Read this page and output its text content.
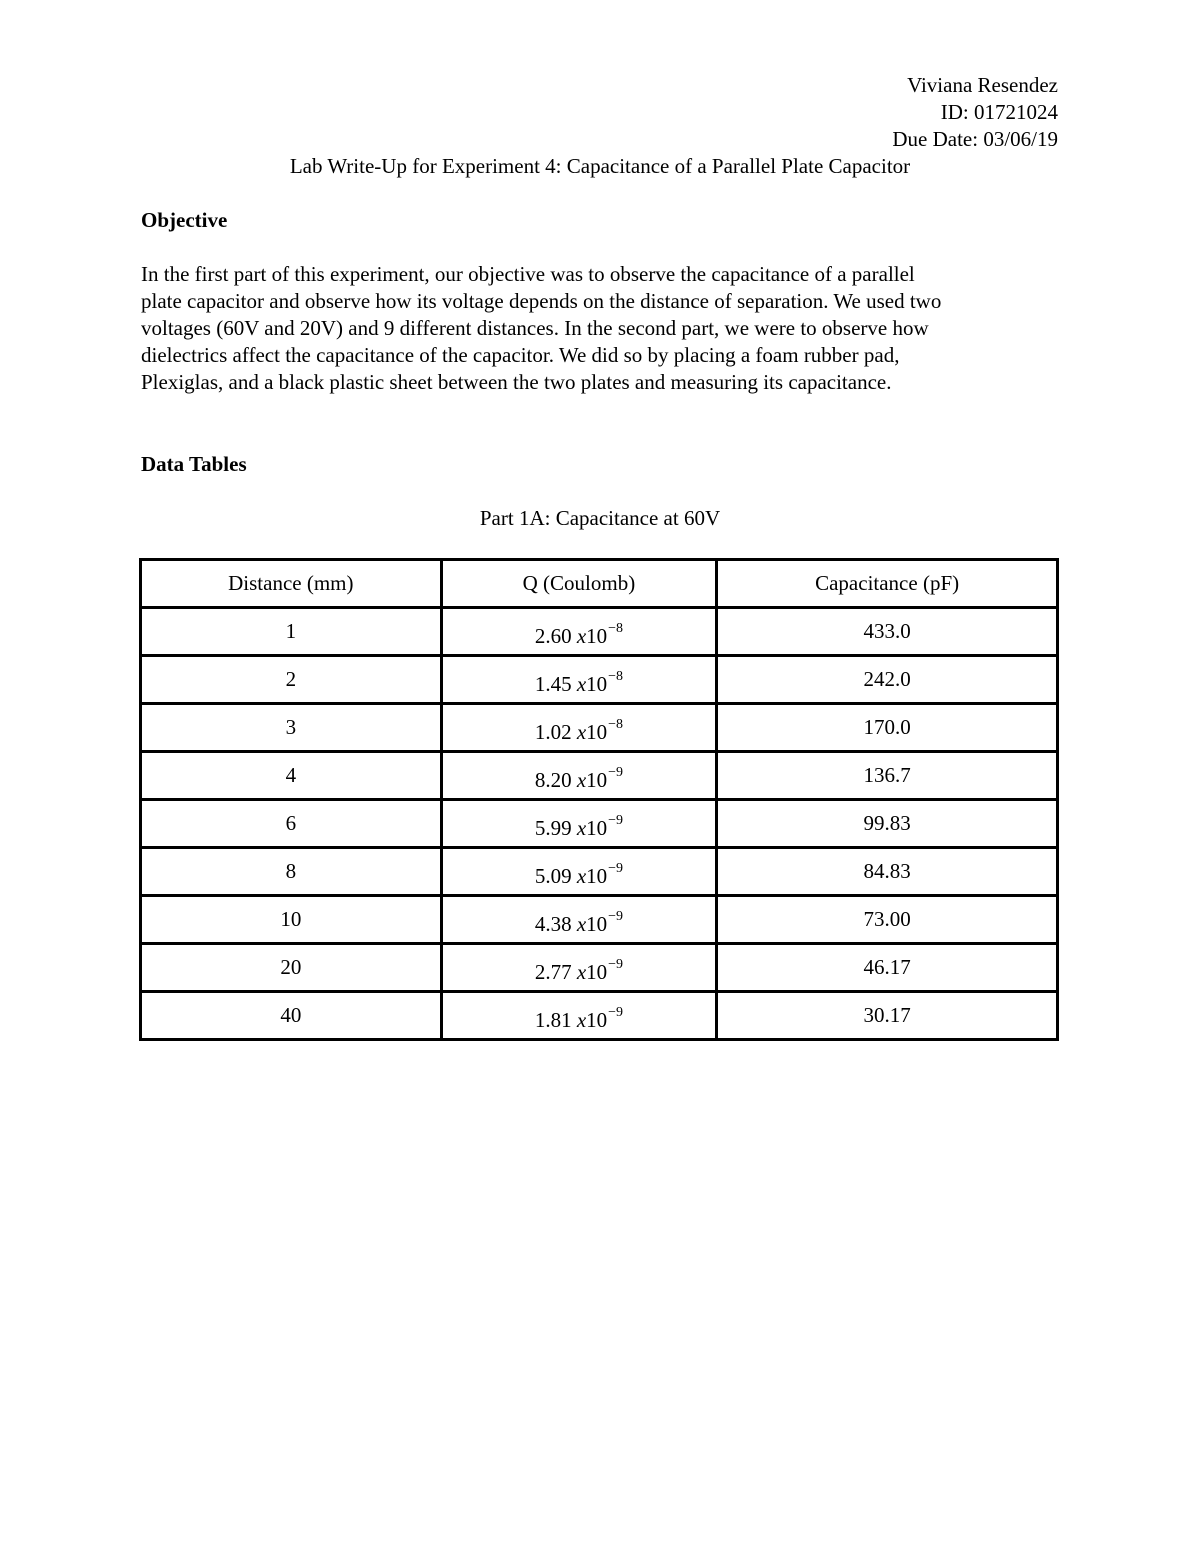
Viviana Resendez
ID: 01721024
Due Date: 03/06/19
Lab Write-Up for Experiment 4: Capacitance of a Parallel Plate Capacitor
Objective
In the first part of this experiment, our objective was to observe the capacitance of a parallel
plate capacitor and observe how its voltage depends on the distance of separation. We used two
voltages (60V and 20V) and 9 different distances. In the second part, we were to observe how
dielectrics affect the capacitance of the capacitor. We did so by placing a foam rubber pad,
Plexiglas, and a black plastic sheet between the two plates and measuring its capacitance.
Data Tables
Part 1A: Capacitance at 60V
Distance (mm)	Q (Coulomb)	Capacitance (pF)
1	2.60 $x10^{-8}$	433.0
2	1.45 $x10^{-8}$	242.0
3	1.02 $x10^{-8}$	170.0
4	8.20 $x10^{-9}$	136.7
6	5.99 $x10^{-9}$	99.83
8	5.09 $x10^{-9}$	84.83
10	4.38 $x10^{-9}$	73.00
20	2.77 $x10^{-9}$	46.17
40	1.81 $x10^{-9}$	30.17
